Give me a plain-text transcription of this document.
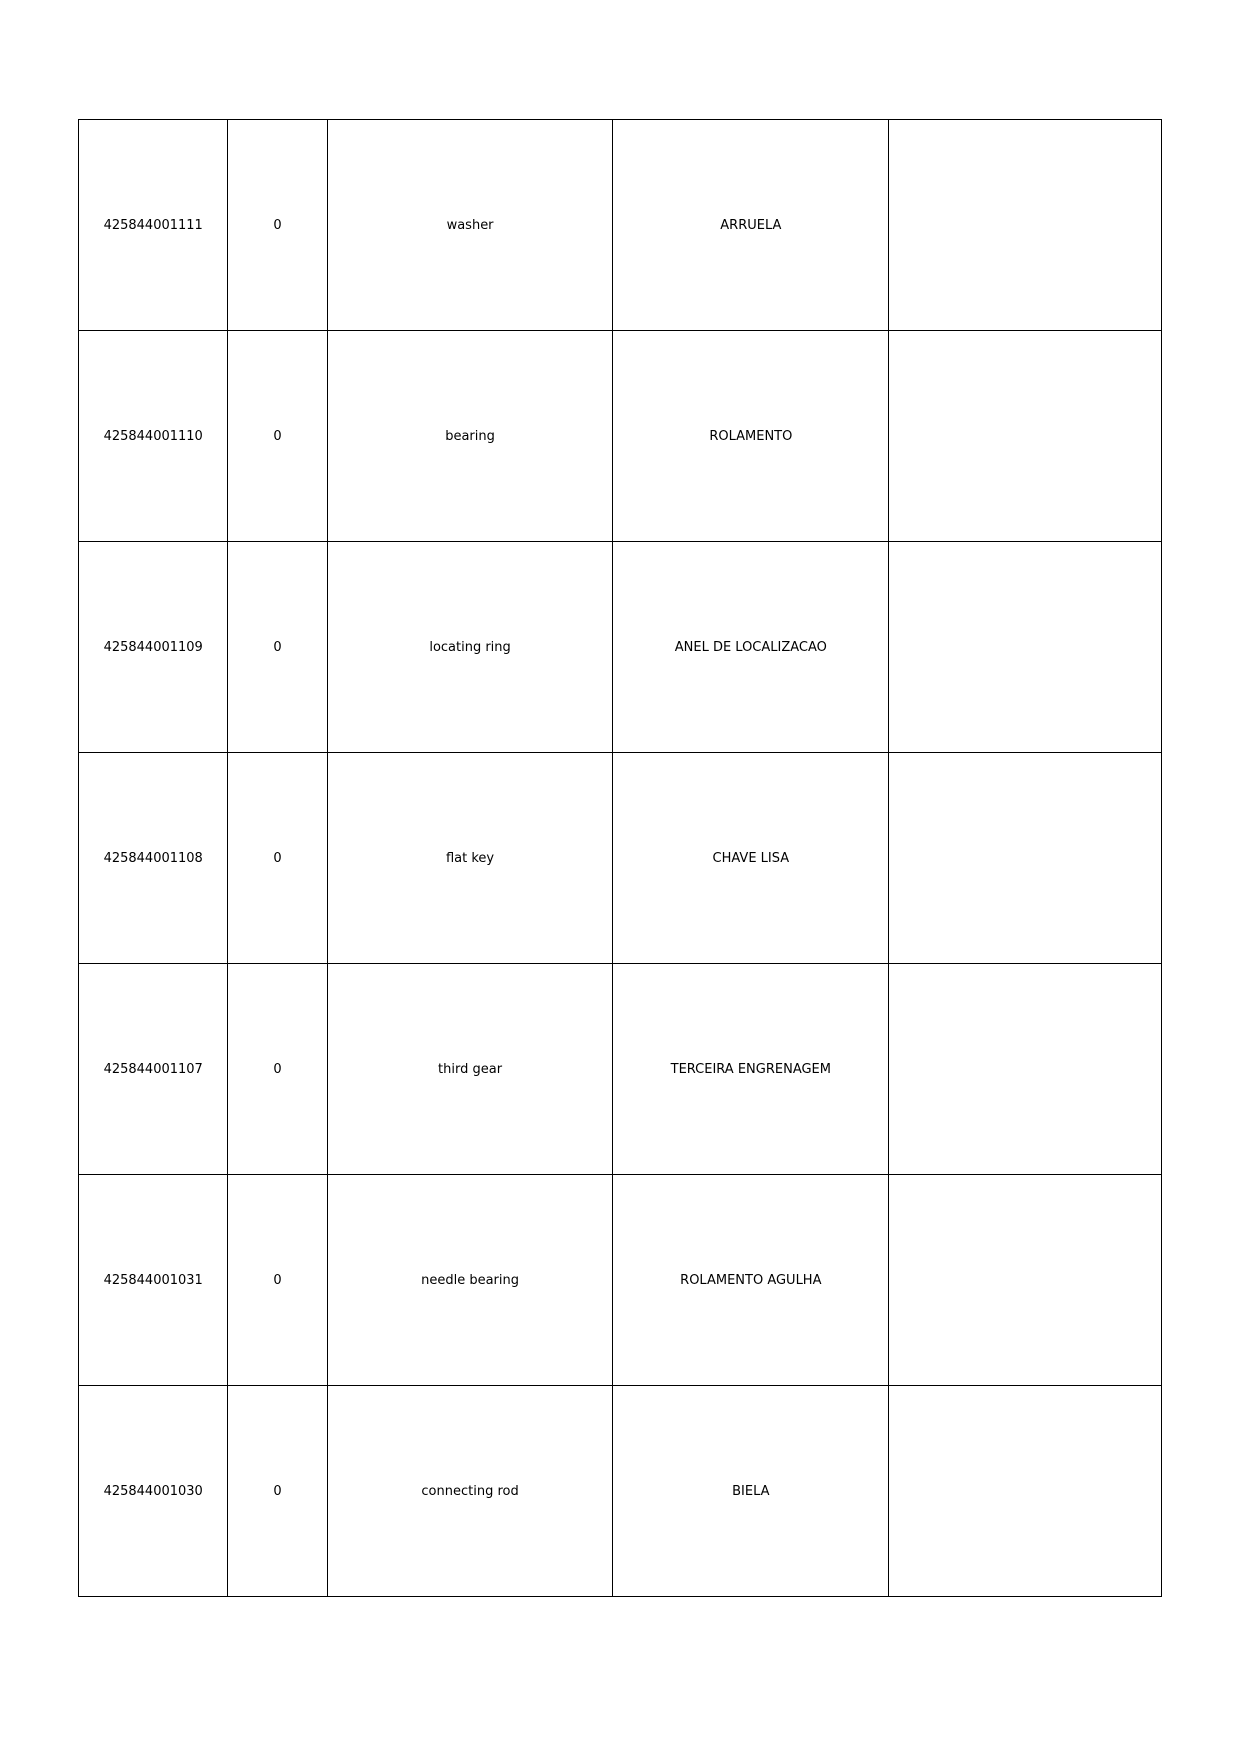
425844001111	0	washer	ARRUELA	
425844001110	0	bearing	ROLAMENTO	
425844001109	0	locating ring	ANEL DE LOCALIZACAO	
425844001108	0	flat key	CHAVE LISA	
425844001107	0	third gear	TERCEIRA ENGRENAGEM	
425844001031	0	needle bearing	ROLAMENTO AGULHA	
425844001030	0	connecting rod	BIELA	
